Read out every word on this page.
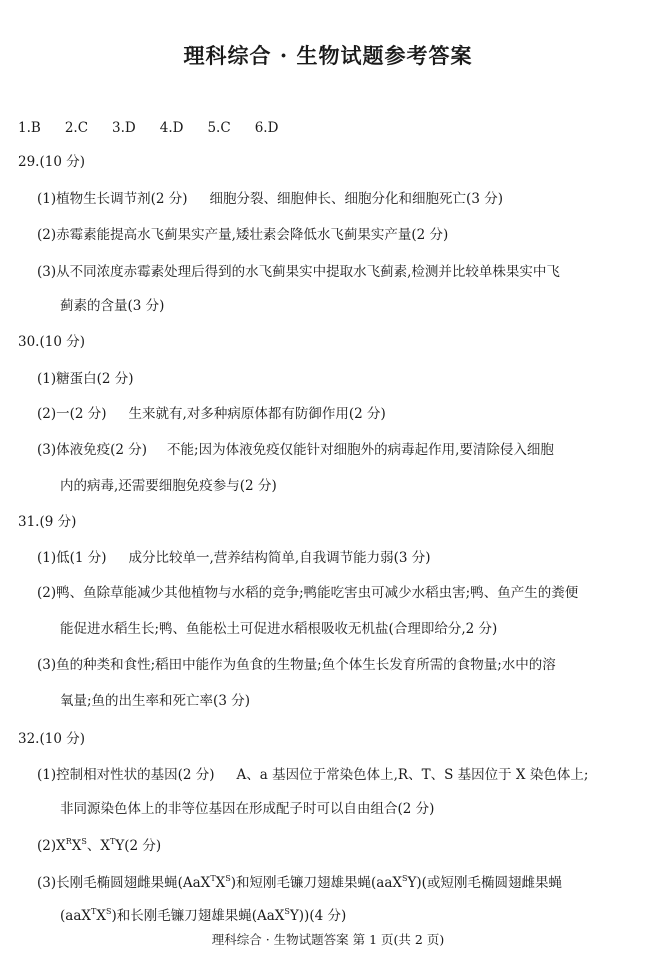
理科综合 · 生物试题参考答案
1.B 2.C 3.D 4.D 5.C 6.D
29.(10 分)
(1)植物生长调节剂(2 分) 细胞分裂、细胞伸长、细胞分化和细胞死亡(3 分)
(2)赤霉素能提高水飞蓟果实产量,矮壮素会降低水飞蓟果实产量(2 分)
(3)从不同浓度赤霉素处理后得到的水飞蓟果实中提取水飞蓟素,检测并比较单株果实中飞
蓟素的含量(3 分)
30.(10 分)
(1)糖蛋白(2 分)
(2)一(2 分) 生来就有,对多种病原体都有防御作用(2 分)
(3)体液免疫(2 分) 不能;因为体液免疫仅能针对细胞外的病毒起作用,要清除侵入细胞
内的病毒,还需要细胞免疫参与(2 分)
31.(9 分)
(1)低(1 分) 成分比较单一,营养结构简单,自我调节能力弱(3 分)
(2)鸭、鱼除草能减少其他植物与水稻的竞争;鸭能吃害虫可减少水稻虫害;鸭、鱼产生的粪便
能促进水稻生长;鸭、鱼能松土可促进水稻根吸收无机盐(合理即给分,2 分)
(3)鱼的种类和食性;稻田中能作为鱼食的生物量;鱼个体生长发育所需的食物量;水中的溶
氧量;鱼的出生率和死亡率(3 分)
32.(10 分)
(1)控制相对性状的基因(2 分) A、a 基因位于常染色体上,R、T、S 基因位于 X 染色体上;
非同源染色体上的非等位基因在形成配子时可以自由组合(2 分)
$(2)X^RX^S$、$X^TY(2$ 分)
(3)长刚毛椭圆翅雌果蝇$(AaX^TX^S)$和短刚毛镰刀翅雄果蝇(aaX$^S$Y)(或短刚毛椭圆翅雌果蝇
$(aaX^TX^S)$和长刚毛镰刀翅雄果蝇(AaX$^S$Y))(4 分)
理科综合 · 生物试题答案 第 1 页(共 2 页)
